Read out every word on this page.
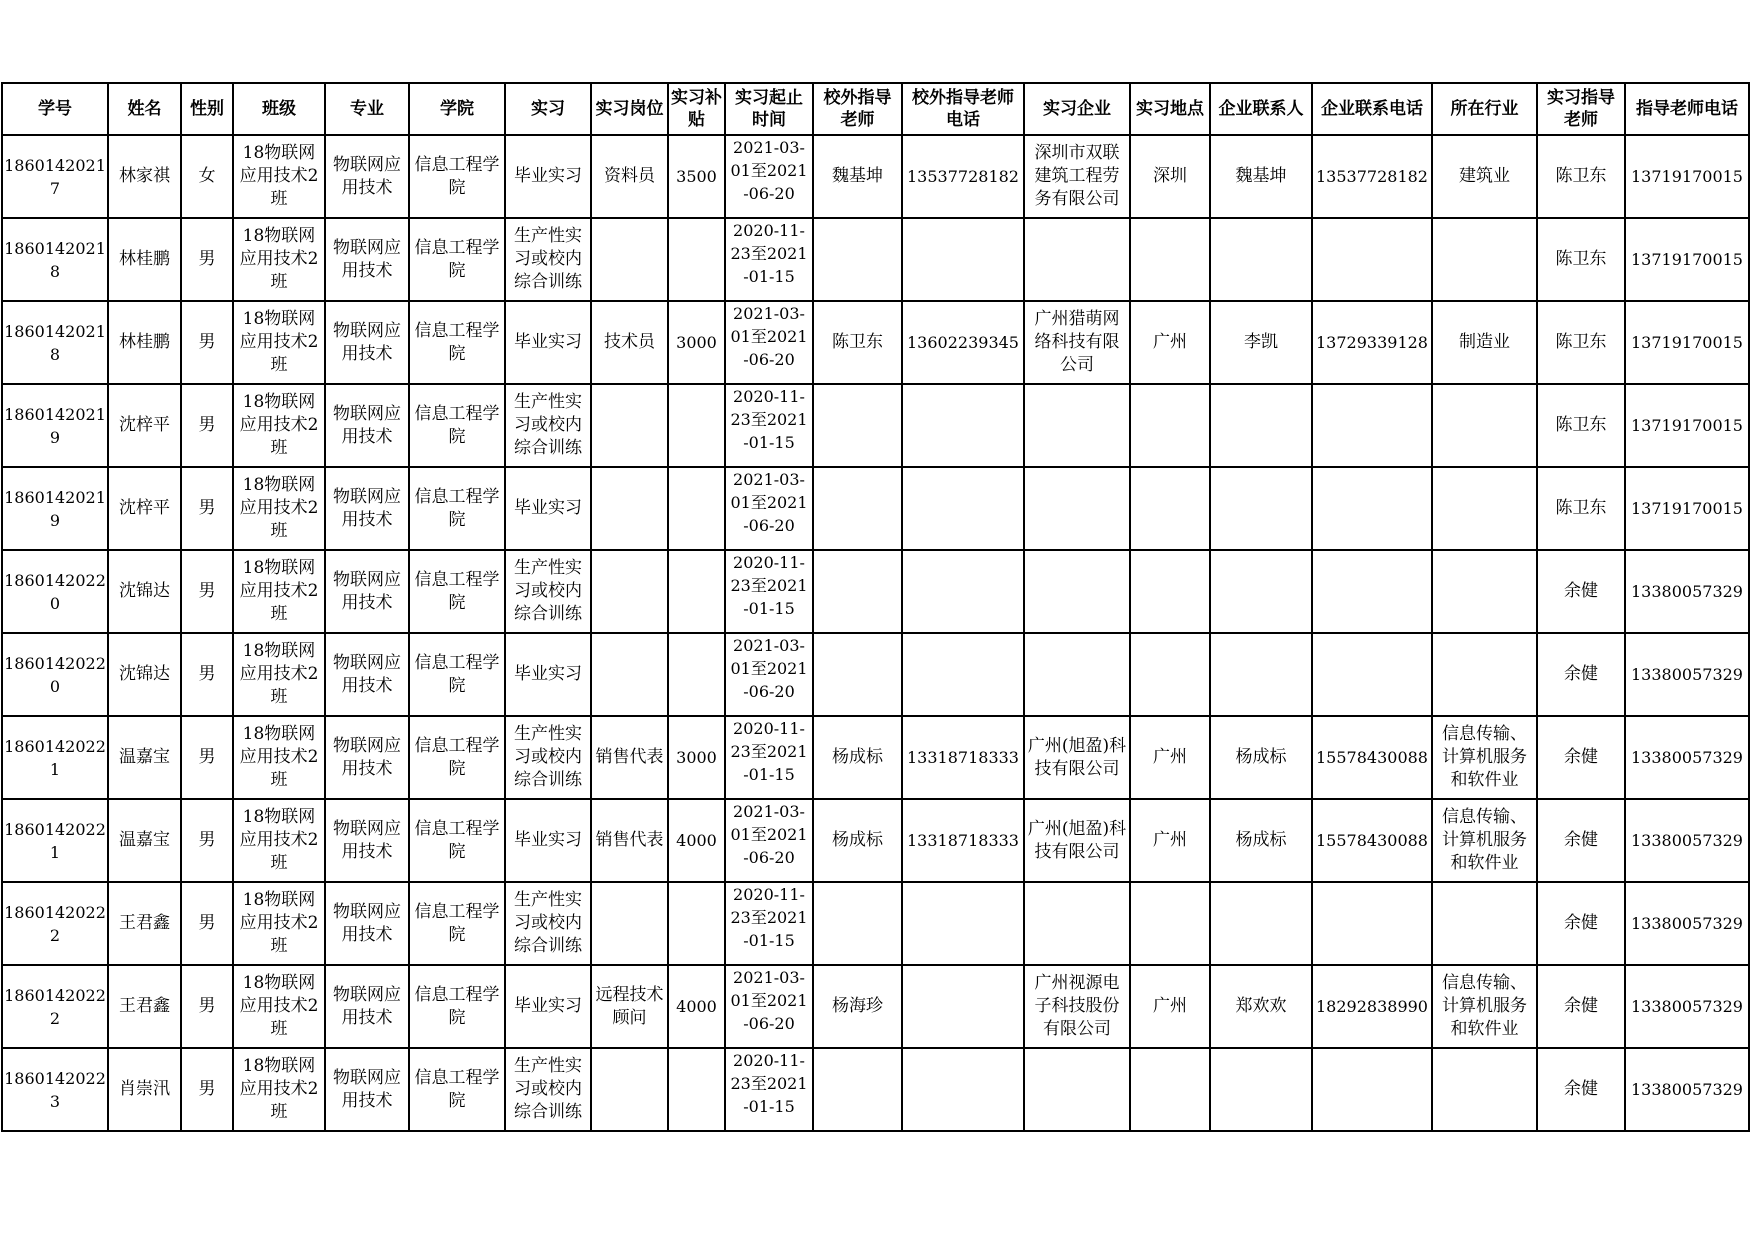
学号	姓名	性别	班级	专业	学院	实习	实习岗位	实习补贴	实习起止时间	校外指导老师	校外指导老师电话	实习企业	实习地点	企业联系人	企业联系电话	所在行业	实习指导老师	指导老师电话
18601420217	林家祺	女	18物联网应用技术2班	物联网应用技术	信息工程学院	毕业实习	资料员	3500	2021-03-01至2021-06-20	魏基坤	13537728182	深圳市双联建筑工程劳务有限公司	深圳	魏基坤	13537728182	建筑业	陈卫东	13719170015
18601420218	林桂鹏	男	18物联网应用技术2班	物联网应用技术	信息工程学院	生产性实习或校内综合训练			2020-11-23至2021-01-15								陈卫东	13719170015
18601420218	林桂鹏	男	18物联网应用技术2班	物联网应用技术	信息工程学院	毕业实习	技术员	3000	2021-03-01至2021-06-20	陈卫东	13602239345	广州猎萌网络科技有限公司	广州	李凯	13729339128	制造业	陈卫东	13719170015
18601420219	沈梓平	男	18物联网应用技术2班	物联网应用技术	信息工程学院	生产性实习或校内综合训练			2020-11-23至2021-01-15								陈卫东	13719170015
18601420219	沈梓平	男	18物联网应用技术2班	物联网应用技术	信息工程学院	毕业实习			2021-03-01至2021-06-20								陈卫东	13719170015
18601420220	沈锦达	男	18物联网应用技术2班	物联网应用技术	信息工程学院	生产性实习或校内综合训练			2020-11-23至2021-01-15								余健	13380057329
18601420220	沈锦达	男	18物联网应用技术2班	物联网应用技术	信息工程学院	毕业实习			2021-03-01至2021-06-20								余健	13380057329
18601420221	温嘉宝	男	18物联网应用技术2班	物联网应用技术	信息工程学院	生产性实习或校内综合训练	销售代表	3000	2020-11-23至2021-01-15	杨成标	13318718333	广州(旭盈)科技有限公司	广州	杨成标	15578430088	信息传输、计算机服务和软件业	余健	13380057329
18601420221	温嘉宝	男	18物联网应用技术2班	物联网应用技术	信息工程学院	毕业实习	销售代表	4000	2021-03-01至2021-06-20	杨成标	13318718333	广州(旭盈)科技有限公司	广州	杨成标	15578430088	信息传输、计算机服务和软件业	余健	13380057329
18601420222	王君鑫	男	18物联网应用技术2班	物联网应用技术	信息工程学院	生产性实习或校内综合训练			2020-11-23至2021-01-15								余健	13380057329
18601420222	王君鑫	男	18物联网应用技术2班	物联网应用技术	信息工程学院	毕业实习	远程技术顾问	4000	2021-03-01至2021-06-20	杨海珍		广州视源电子科技股份有限公司	广州	郑欢欢	18292838990	信息传输、计算机服务和软件业	余健	13380057329
18601420223	肖崇汛	男	18物联网应用技术2班	物联网应用技术	信息工程学院	生产性实习或校内综合训练			2020-11-23至2021-01-15								余健	13380057329
